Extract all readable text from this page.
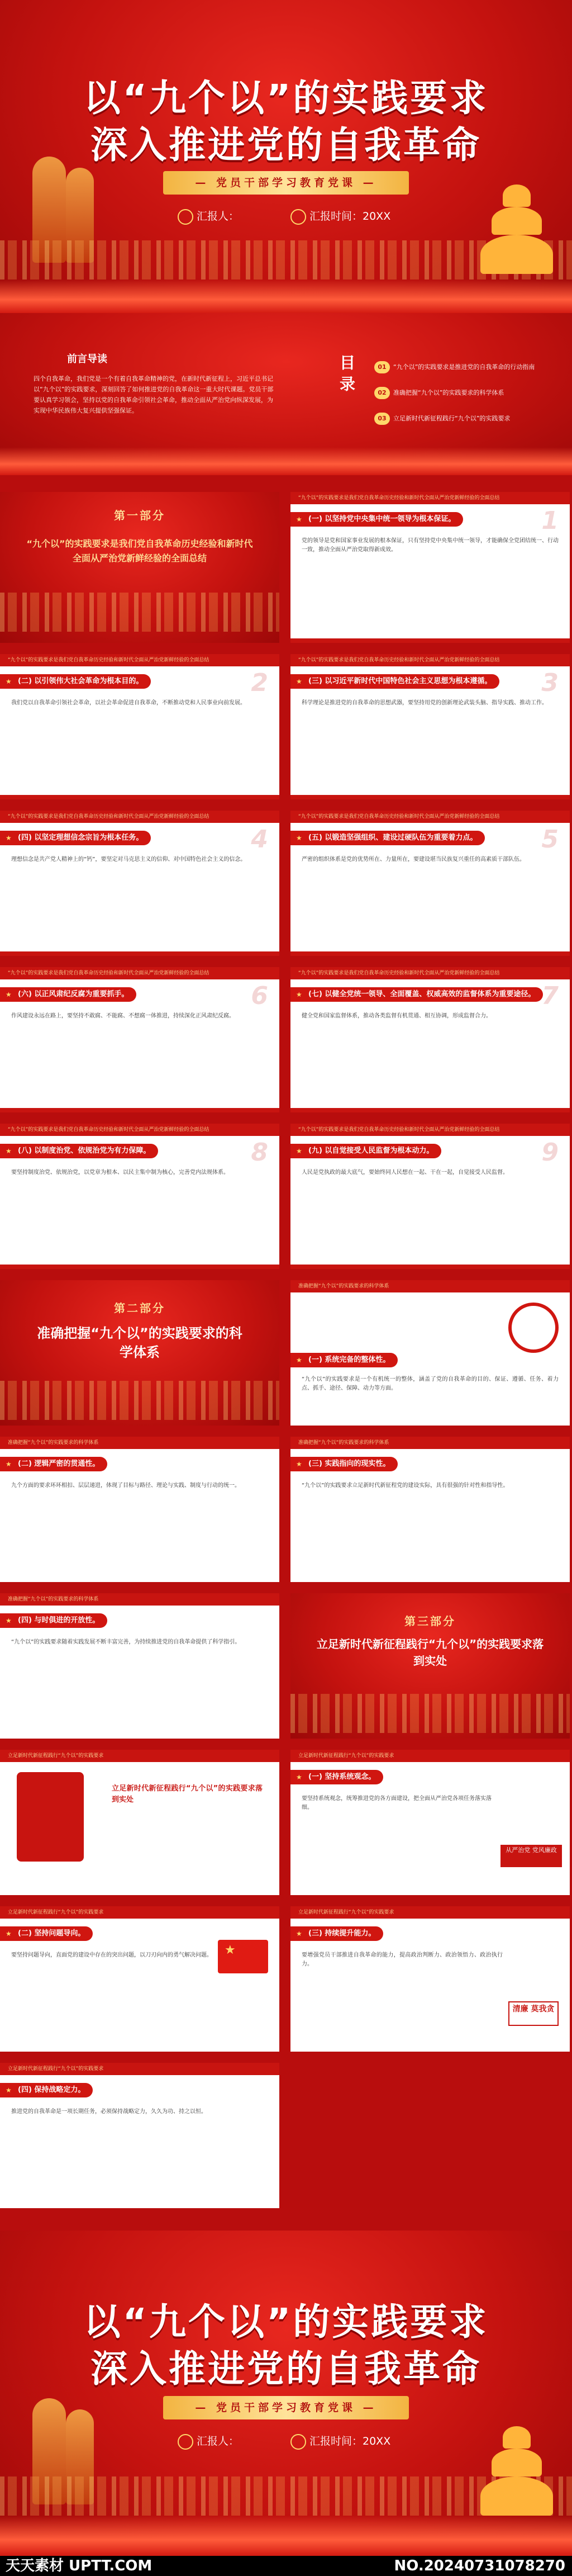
以“九个以”的实践要求
深入推进党的自我革命
— 党员干部学习教育党课 —
汇报人：	汇报时间：20XX
前言导读
四个自我革命，我们党是一个有着自我革命精神的党，在新时代新征程上，习近平总书记以“九个以”的实践要求，深刻回答了如何推进党的自我革命这一重大时代课题。党员干部要认真学习领会，坚持以党的自我革命引领社会革命，推动全面从严治党向纵深发展，为实现中华民族伟大复兴提供坚强保证。
目录	01 “九个以”的实践要求是推进党的自我革命的行动指南
02 准确把握“九个以”的实践要求的科学体系
03 立足新时代新征程践行“九个以”的实践要求
第一部分
“九个以”的实践要求是我们党自我革命历史经验和新时代全面从严治党新鲜经验的全面总结
“九个以”的实践要求是我们党自我革命历史经验和新时代全面从严治党新鲜经验的全面总结
★ (一) 以坚持党中央集中统一领导为根本保证。	1
党的领导是党和国家事业发展的根本保证，只有坚持党中央集中统一领导，才能确保全党团结统一、行动一致，推动全面从严治党取得新成效。
“九个以”的实践要求是我们党自我革命历史经验和新时代全面从严治党新鲜经验的全面总结
★ (二) 以引领伟大社会革命为根本目的。	2
我们党以自我革命引领社会革命，以社会革命促进自我革命，不断推动党和人民事业向前发展。
“九个以”的实践要求是我们党自我革命历史经验和新时代全面从严治党新鲜经验的全面总结
★ (三) 以习近平新时代中国特色社会主义思想为根本遵循。	3
科学理论是推进党的自我革命的思想武器，要坚持用党的创新理论武装头脑、指导实践、推动工作。
“九个以”的实践要求是我们党自我革命历史经验和新时代全面从严治党新鲜经验的全面总结
★ (四) 以坚定理想信念宗旨为根本任务。	4
理想信念是共产党人精神上的“钙”，要坚定对马克思主义的信仰、对中国特色社会主义的信念。
“九个以”的实践要求是我们党自我革命历史经验和新时代全面从严治党新鲜经验的全面总结
★ (五) 以锻造坚强组织、建设过硬队伍为重要着力点。	5
严密的组织体系是党的优势所在、力量所在，要建设堪当民族复兴重任的高素质干部队伍。
“九个以”的实践要求是我们党自我革命历史经验和新时代全面从严治党新鲜经验的全面总结
★ (六) 以正风肃纪反腐为重要抓手。	6
作风建设永远在路上，要坚持不敢腐、不能腐、不想腐一体推进，持续深化正风肃纪反腐。
“九个以”的实践要求是我们党自我革命历史经验和新时代全面从严治党新鲜经验的全面总结
★ (七) 以健全党统一领导、全面覆盖、权威高效的监督体系为重要途径。 7
健全党和国家监督体系，推动各类监督有机贯通、相互协调，形成监督合力。
“九个以”的实践要求是我们党自我革命历史经验和新时代全面从严治党新鲜经验的全面总结
★ (八) 以制度治党、依规治党为有力保障。	8
要坚持制度治党、依规治党，以党章为根本、以民主集中制为核心，完善党内法规体系。
“九个以”的实践要求是我们党自我革命历史经验和新时代全面从严治党新鲜经验的全面总结
★ (九) 以自觉接受人民监督为根本动力。	9
人民是党执政的最大底气，要始终同人民想在一起、干在一起，自觉接受人民监督。
第二部分
准确把握“九个以”的实践要求的科学体系
准确把握“九个以”的实践要求的科学体系
★ (一) 系统完备的整体性。
“九个以”的实践要求是一个有机统一的整体，涵盖了党的自我革命的目的、保证、遵循、任务、着力点、抓手、途径、保障、动力等方面。
准确把握“九个以”的实践要求的科学体系
★ (二) 逻辑严密的贯通性。
九个方面的要求环环相扣、层层递进，体现了目标与路径、理论与实践、制度与行动的统一。
准确把握“九个以”的实践要求的科学体系
★ (三) 实践指向的现实性。
“九个以”的实践要求立足新时代新征程党的建设实际，具有很强的针对性和指导性。
准确把握“九个以”的实践要求的科学体系
★ (四) 与时俱进的开放性。
“九个以”的实践要求随着实践发展不断丰富完善，为持续推进党的自我革命提供了科学指引。
第三部分
立足新时代新征程践行“九个以”的实践要求落到实处
立足新时代新征程践行“九个以”的实践要求
立足新时代新征程践行“九个以”的实践要求落到实处
立足新时代新征程践行“九个以”的实践要求
★ (一) 坚持系统观念。
要坚持系统观念，统筹推进党的各方面建设，把全面从严治党各项任务落实落细。
从严治党 党风廉政
立足新时代新征程践行“九个以”的实践要求
★ (二) 坚持问题导向。
要坚持问题导向，直面党的建设中存在的突出问题，以刀刃向内的勇气解决问题。
★
立足新时代新征程践行“九个以”的实践要求
★ (三) 持续提升能力。
要增强党员干部推进自我革命的能力，提高政治判断力、政治领悟力、政治执行力。
清廉 莫我贪
立足新时代新征程践行“九个以”的实践要求
★ (四) 保持战略定力。
推进党的自我革命是一项长期任务，必须保持战略定力，久久为功、持之以恒。
以“九个以”的实践要求
深入推进党的自我革命
— 党员干部学习教育党课 —
汇报人：	汇报时间：20XX
天天素材 UPTT.COM	NO.20240731078270
